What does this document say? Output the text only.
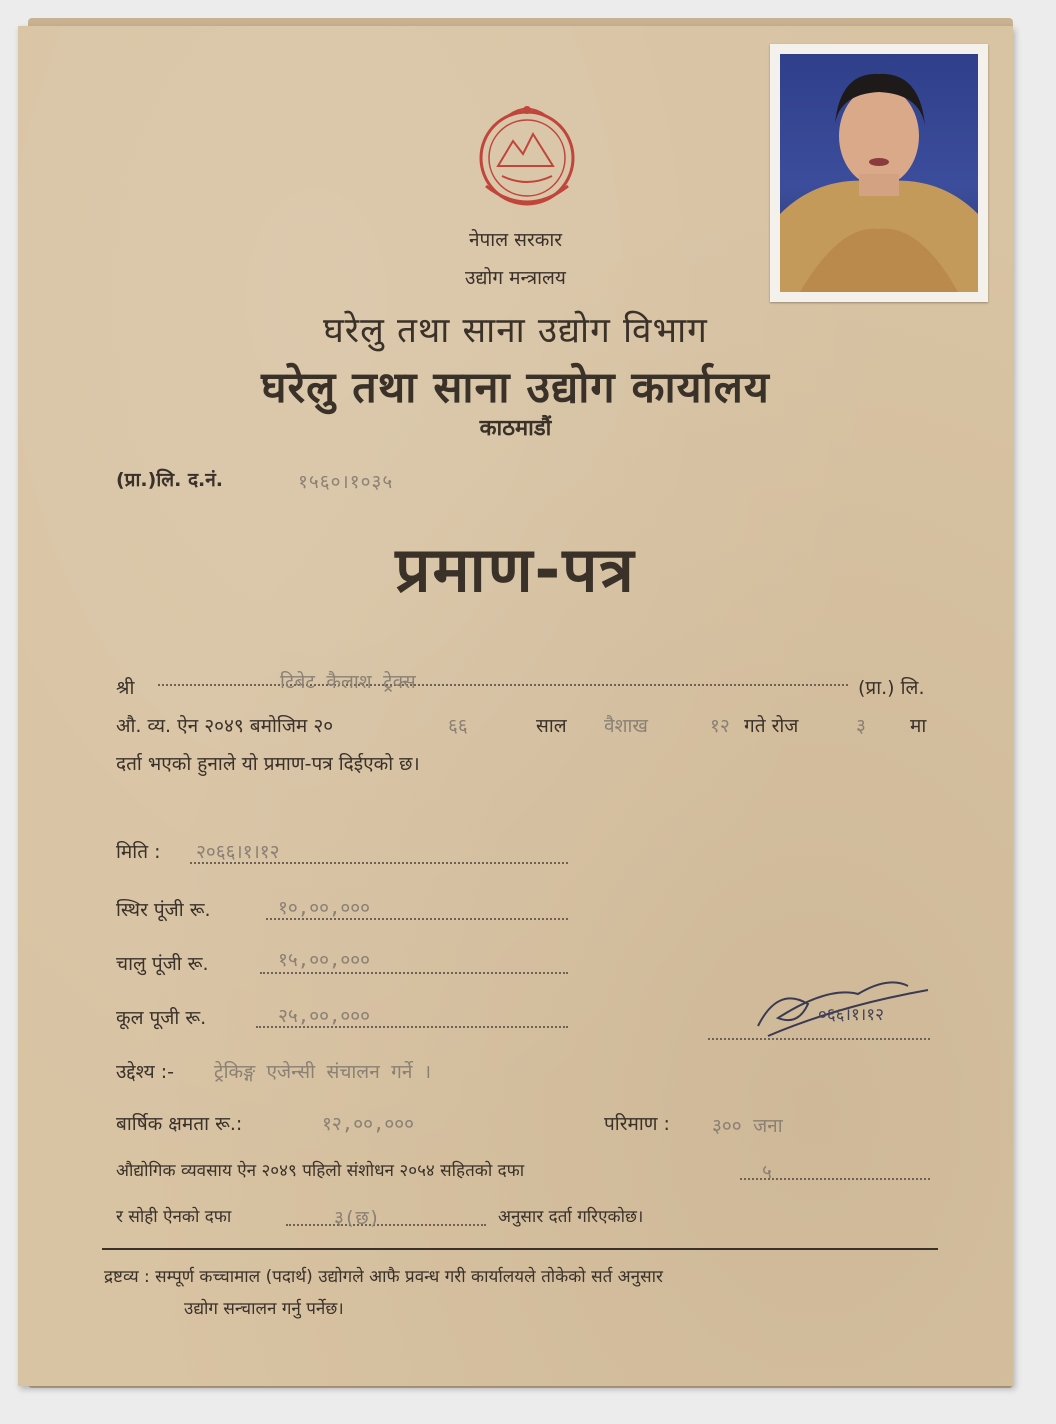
नेपाल सरकार
उद्योग मन्त्रालय
घरेलु तथा साना उद्योग विभाग
घरेलु तथा साना उद्योग कार्यालय
काठमाडौं
(प्रा.)लि. द.नं.	१५६०।१०३५
प्रमाण-पत्र
श्री	टिबेट कैलाश ट्रेक्स	(प्रा.) लि.
औ. व्य. ऐन २०४९ बमोजिम २०	६६	साल वैशाख	१२ गते रोज	३ मा
दर्ता भएको हुनाले यो प्रमाण-पत्र दिईएको छ।
मिति : २०६६।१।१२
स्थिर पूंजी रू.	१०,००,०००
चालु पूंजी रू.	१५,००,०००
कूल पूजी रू.	२५,००,०००	०६६।१।१२
उद्देश्य :- ट्रेकिङ्ग एजेन्सी संचालन गर्ने ।
बार्षिक क्षमता रू.:	१२,००,०००	परिमाण : ३०० जना
औद्योगिक व्यवसाय ऐन २०४९ पहिलो संशोधन २०५४ सहितको दफा	५
र सोही ऐनको दफा	३(छ)	अनुसार दर्ता गरिएकोछ।
द्रष्टव्य : सम्पूर्ण कच्चामाल (पदार्थ) उद्योगले आफै प्रवन्ध गरी कार्यालयले तोकेको सर्त अनुसार
उद्योग सन्चालन गर्नु पर्नेछ।
